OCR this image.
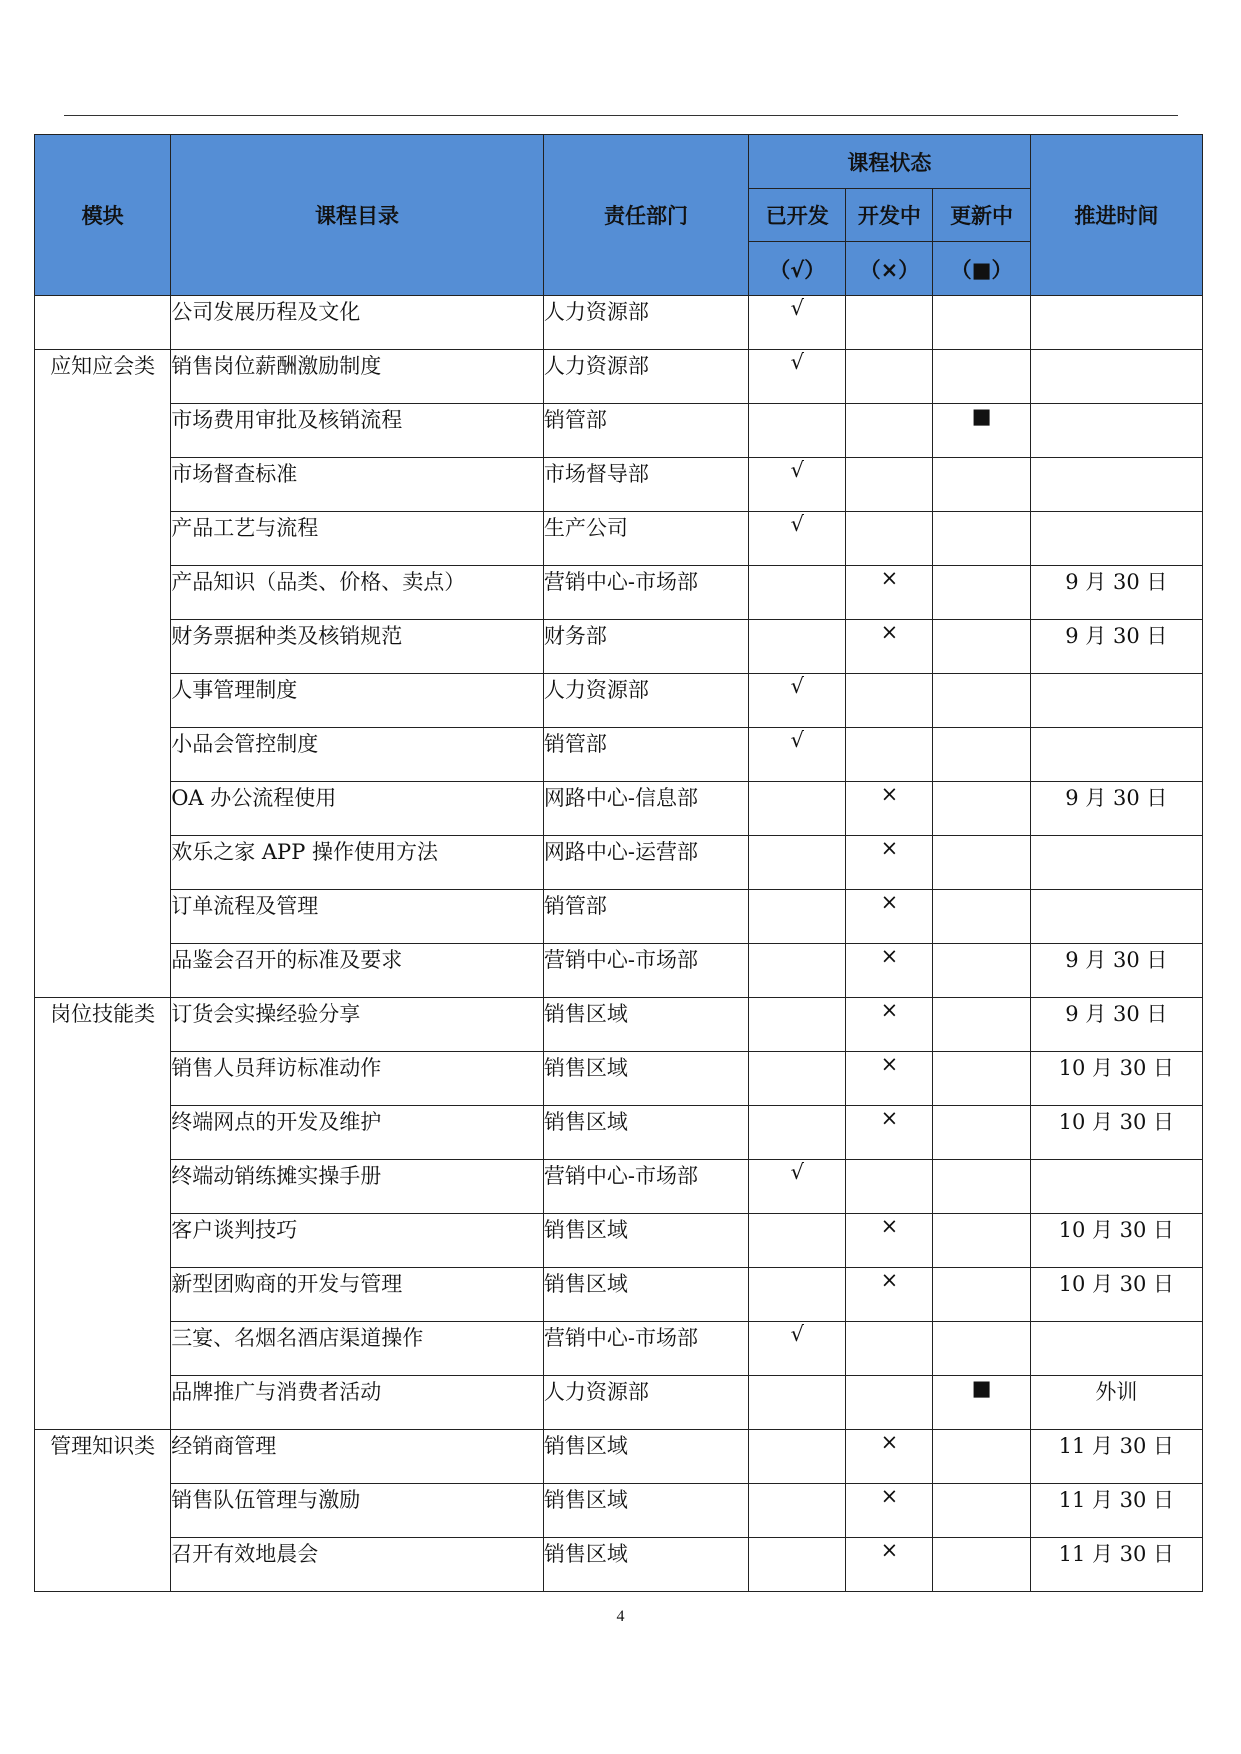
模块	课程目录	责任部门	课程状态			推进时间
			已开发	开发中	更新中	
			（√）	（×）	（■）	
	公司发展历程及文化	人力资源部	√			
应知应会类	销售岗位薪酬激励制度	人力资源部	√			
	市场费用审批及核销流程	销管部			■	
	市场督查标准	市场督导部	√			
	产品工艺与流程	生产公司	√			
	产品知识（品类、价格、卖点）	营销中心-市场部		×		9 月 30 日
	财务票据种类及核销规范	财务部		×		9 月 30 日
	人事管理制度	人力资源部	√			
	小品会管控制度	销管部	√			
	OA 办公流程使用	网路中心-信息部		×		9 月 30 日
	欢乐之家 APP 操作使用方法	网路中心-运营部		×		
	订单流程及管理	销管部		×		
	品鉴会召开的标准及要求	营销中心-市场部		×		9 月 30 日
岗位技能类	订货会实操经验分享	销售区域		×		9 月 30 日
	销售人员拜访标准动作	销售区域		×		10 月 30 日
	终端网点的开发及维护	销售区域		×		10 月 30 日
	终端动销练摊实操手册	营销中心-市场部	√			
	客户谈判技巧	销售区域		×		10 月 30 日
	新型团购商的开发与管理	销售区域		×		10 月 30 日
	三宴、名烟名酒店渠道操作	营销中心-市场部	√			
	品牌推广与消费者活动	人力资源部			■	外训
管理知识类	经销商管理	销售区域		×		11 月 30 日
	销售队伍管理与激励	销售区域		×		11 月 30 日
	召开有效地晨会	销售区域		×		11 月 30 日
4
